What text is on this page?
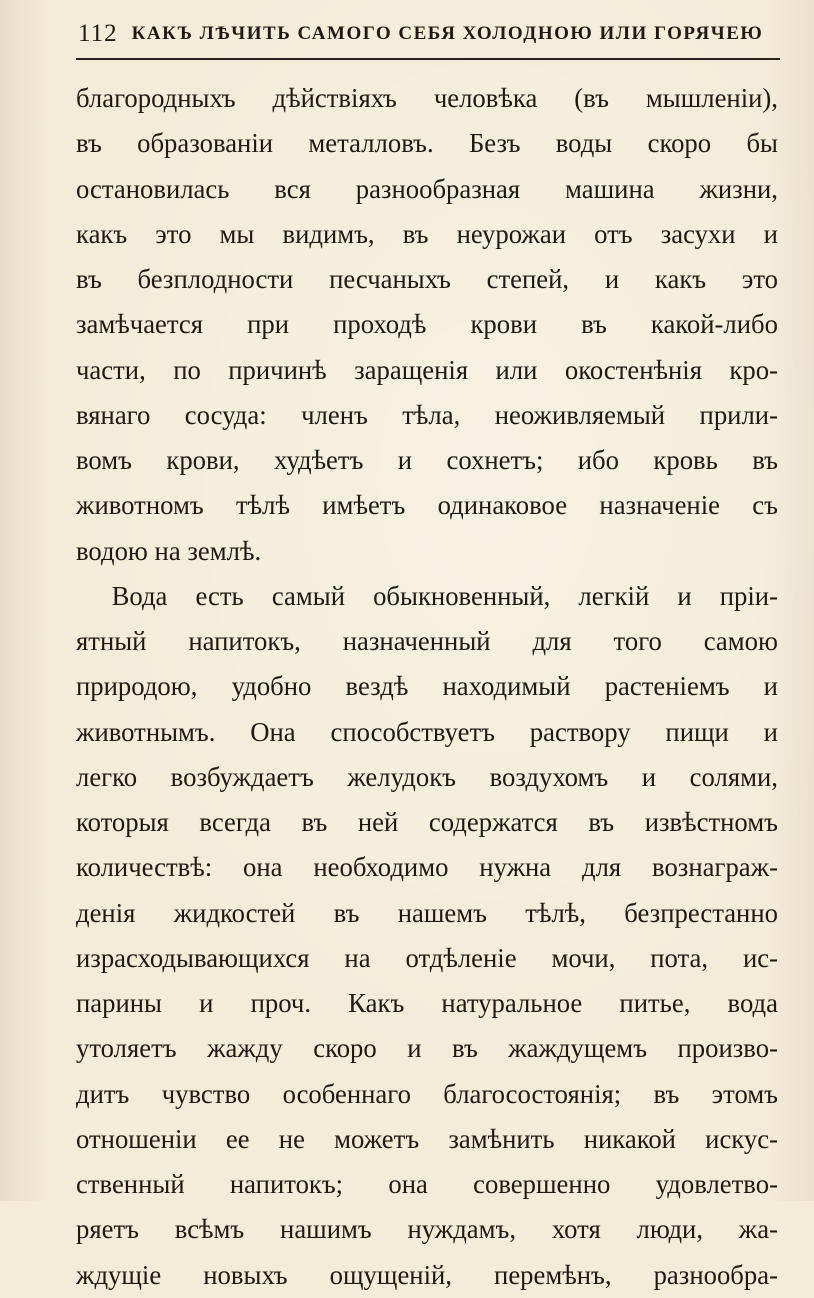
112 КАКЪ ЛѢЧИТЬ САМОГО СЕБЯ ХОЛОДНОЮ ИЛИ ГОРЯЧЕЮ
благородныхъ дѣйствіяхъ человѣка (въ мышленіи),
въ образованіи металловъ. Безъ воды скоро бы
остановилась вся разнообразная машина жизни,
какъ это мы видимъ, въ неурожаи отъ засухи и
въ безплодности песчаныхъ степей, и какъ это
замѣчается при проходѣ крови въ какой-либо
части, по причинѣ заращенія или окостенѣнія кро-
вянаго сосуда: членъ тѣла, неоживляемый прили-
вомъ крови, худѣетъ и сохнетъ; ибо кровь въ
животномъ тѣлѣ имѣетъ одинаковое назначеніе съ
водою на землѣ.
Вода есть самый обыкновенный, легкій и пріи-
ятный напитокъ, назначенный для того самою
природою, удобно вездѣ находимый растеніемъ и
животнымъ. Она способствуетъ раствору пищи и
легко возбуждаетъ желудокъ воздухомъ и солями,
которыя всегда въ ней содержатся въ извѣстномъ
количествѣ: она необходимо нужна для вознаграж-
денія жидкостей въ нашемъ тѣлѣ, безпрестанно
израсходывающихся на отдѣленіе мочи, пота, ис-
парины и проч. Какъ натуральное питье, вода
утоляетъ жажду скоро и въ жаждущемъ произво-
дитъ чувство особеннаго благосостоянія; въ этомъ
отношеніи ее не можетъ замѣнить никакой искус-
ственный напитокъ; она совершенно удовлетво-
ряетъ всѣмъ нашимъ нуждамъ, хотя люди, жа-
ждущіе новыхъ ощущеній, перемѣнъ, разнообра-
